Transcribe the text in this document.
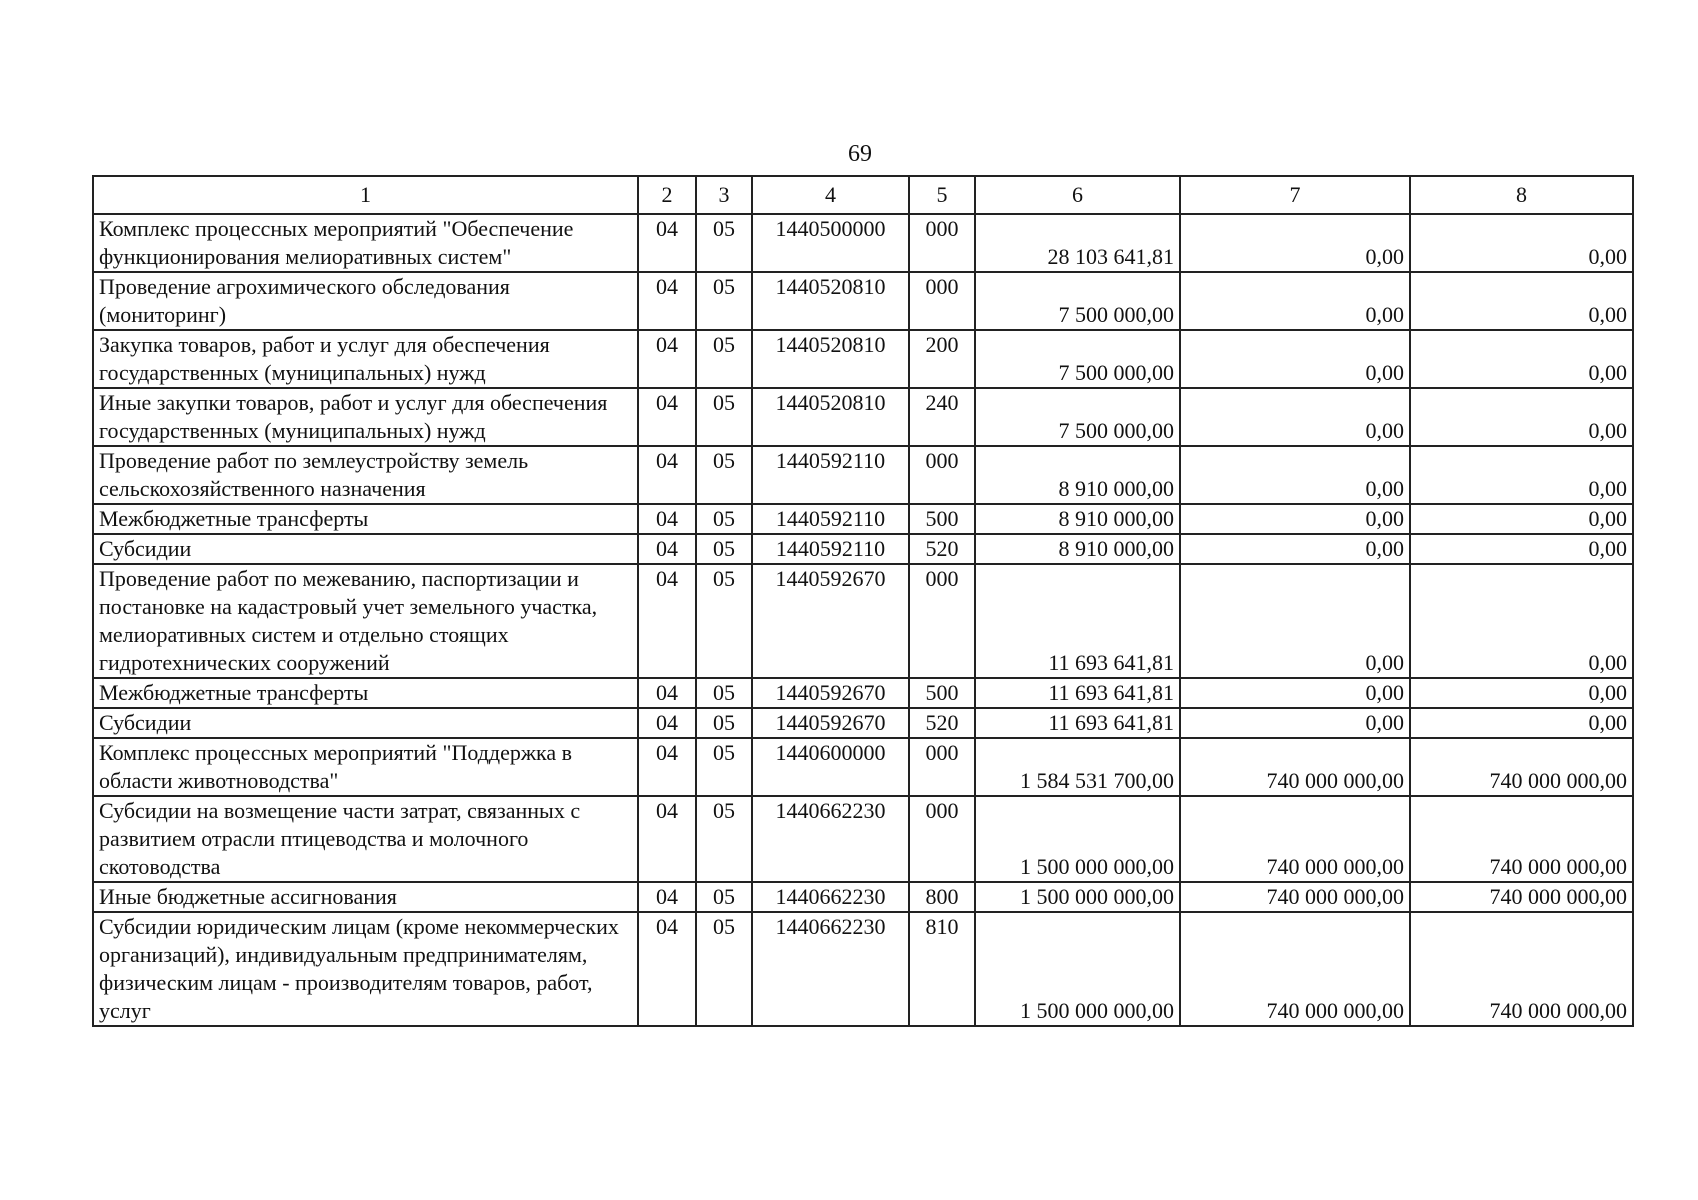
69
1	2	3	4	5	6	7	8
Комплекс процессных мероприятий "Обеспечение функционирования мелиоративных систем"	04	05	1440500000	000	28 103 641,81	0,00	0,00
Проведение агрохимического обследования (мониторинг)	04	05	1440520810	000	7 500 000,00	0,00	0,00
Закупка товаров, работ и услуг для обеспечения государственных (муниципальных) нужд	04	05	1440520810	200	7 500 000,00	0,00	0,00
Иные закупки товаров, работ и услуг для обеспечения государственных (муниципальных) нужд	04	05	1440520810	240	7 500 000,00	0,00	0,00
Проведение работ по землеустройству земель сельскохозяйственного назначения	04	05	1440592110	000	8 910 000,00	0,00	0,00
Межбюджетные трансферты	04	05	1440592110	500	8 910 000,00	0,00	0,00
Субсидии	04	05	1440592110	520	8 910 000,00	0,00	0,00
Проведение работ по межеванию, паспортизации и постановке на кадастровый учет земельного участка, мелиоративных систем и отдельно стоящих гидротехнических сооружений	04	05	1440592670	000	11 693 641,81	0,00	0,00
Межбюджетные трансферты	04	05	1440592670	500	11 693 641,81	0,00	0,00
Субсидии	04	05	1440592670	520	11 693 641,81	0,00	0,00
Комплекс процессных мероприятий "Поддержка в области животноводства"	04	05	1440600000	000	1 584 531 700,00	740 000 000,00	740 000 000,00
Субсидии на возмещение части затрат, связанных с развитием отрасли птицеводства и молочного скотоводства	04	05	1440662230	000	1 500 000 000,00	740 000 000,00	740 000 000,00
Иные бюджетные ассигнования	04	05	1440662230	800	1 500 000 000,00	740 000 000,00	740 000 000,00
Субсидии юридическим лицам (кроме некоммерческих организаций), индивидуальным предпринимателям, физическим лицам - производителям товаров, работ, услуг	04	05	1440662230	810	1 500 000 000,00	740 000 000,00	740 000 000,00
